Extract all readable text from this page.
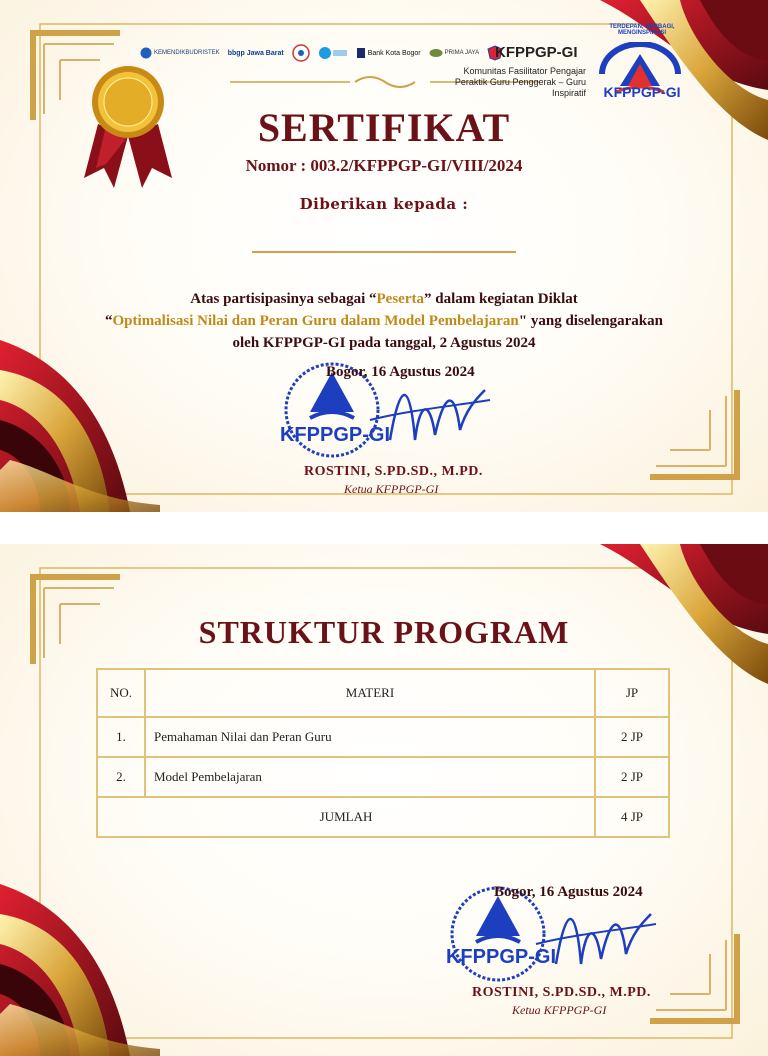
KEMENDIKBUDRISTEK bbgp Jawa Barat	Bank Kota Bogor	PRIMA JAYA KFPPGP-GI
Komunitas Fasilitator Pengajar Peraktik Guru Penggerak – Guru Inspiratif
TERDEPAN, BERBAGI, MENGINSPIRASI
KFPPGP-GI
SERTIFIKAT
Nomor : 003.2/KFPPGP-GI/VIII/2024
Diberikan kepada :
Atas partisipasinya sebagai “Peserta” dalam kegiatan Diklat
“Optimalisasi Nilai dan Peran Guru dalam Model Pembelajaran" yang diselengarakan
oleh KFPPGP-GI pada tanggal, 2 Agustus 2024
Bogor, 16 Agustus 2024
KFPPGP-GI
ROSTINI, S.PD.SD., M.PD.
Ketua KFPPGP-GI
STRUKTUR PROGRAM
NO.	MATERI	JP
1.	Pemahaman Nilai dan Peran Guru	2 JP
2.	Model Pembelajaran	2 JP
JUMLAH		4 JP
Bogor, 16 Agustus 2024
KFPPGP-GI
ROSTINI, S.PD.SD., M.PD.
Ketua KFPPGP-GI
